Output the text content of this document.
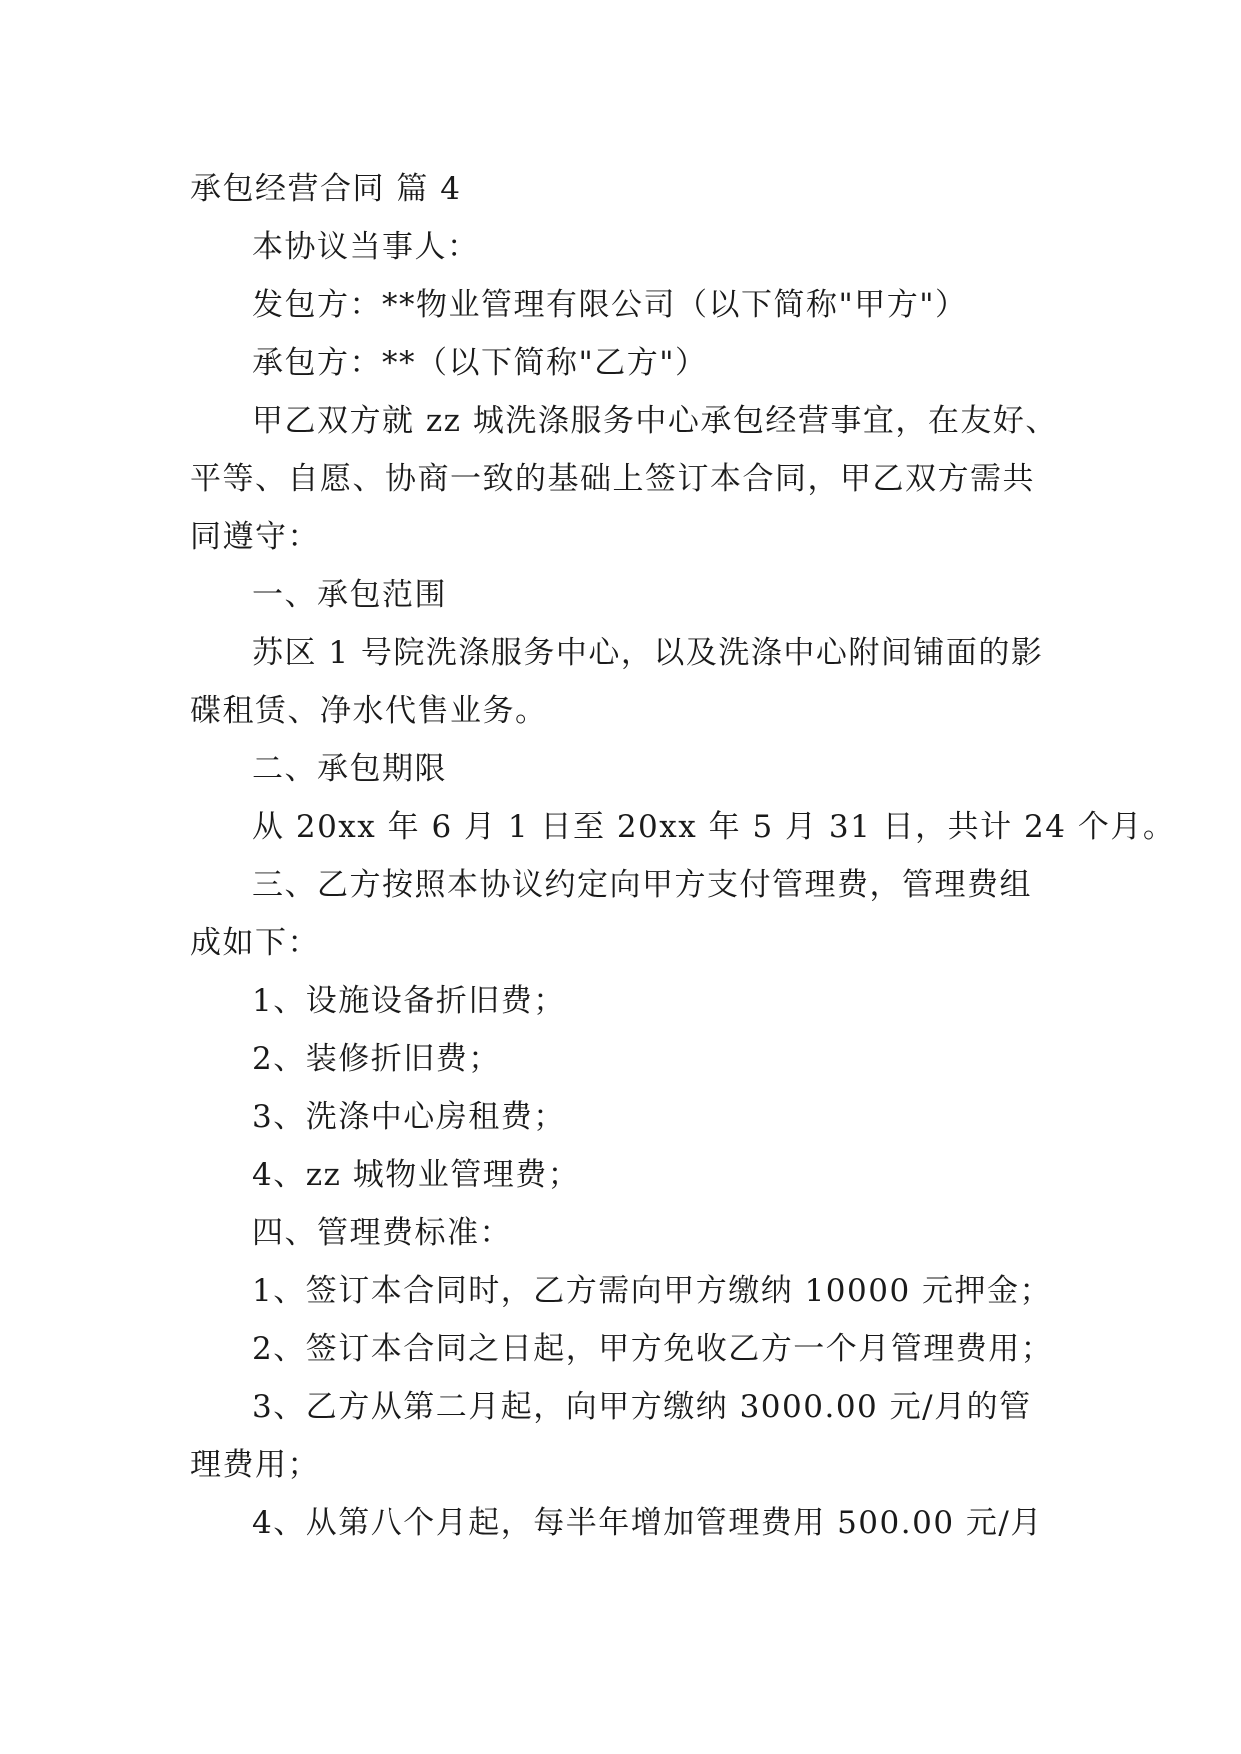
承包经营合同 篇 4

本协议当事人：

发包方：**物业管理有限公司（以下简称"甲方"）

承包方：**（以下简称"乙方"）

甲乙双方就 zz 城洗涤服务中心承包经营事宜，在友好、平等、自愿、协商一致的基础上签订本合同，甲乙双方需共同遵守：

一、承包范围

苏区 1 号院洗涤服务中心，以及洗涤中心附间铺面的影碟租赁、净水代售业务。

二、承包期限

从 20xx 年 6 月 1 日至 20xx 年 5 月 31 日，共计 24 个月。

三、乙方按照本协议约定向甲方支付管理费，管理费组成如下：

1、设施设备折旧费；

2、装修折旧费；

3、洗涤中心房租费；

4、zz 城物业管理费；

四、管理费标准：

1、签订本合同时，乙方需向甲方缴纳 10000 元押金；

2、签订本合同之日起，甲方免收乙方一个月管理费用；

3、乙方从第二月起，向甲方缴纳 3000.00 元/月的管理费用；

4、从第八个月起，每半年增加管理费用 500.00 元/月
